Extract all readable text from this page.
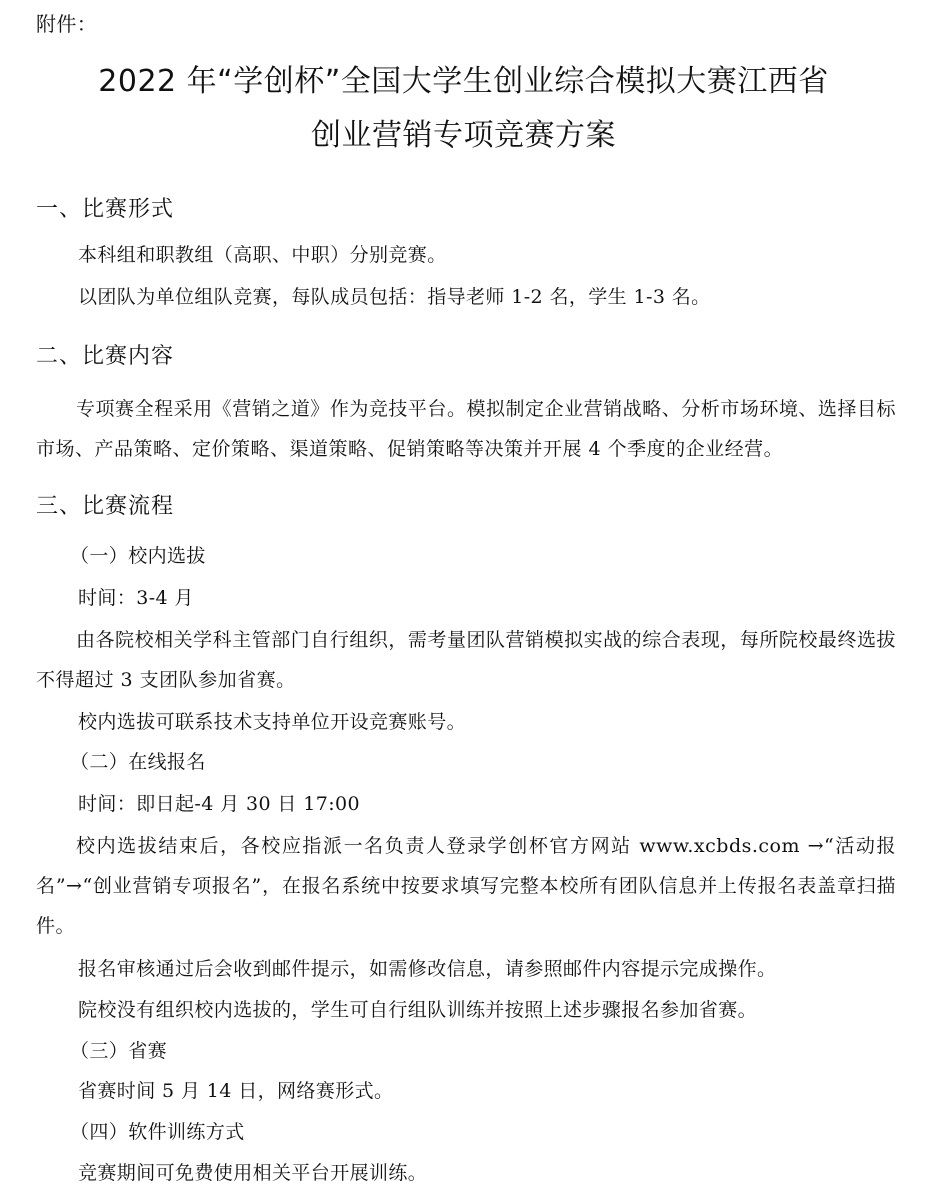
附件：
2022 年“学创杯”全国大学生创业综合模拟大赛江西省
创业营销专项竞赛方案
一、比赛形式
本科组和职教组（高职、中职）分别竞赛。
以团队为单位组队竞赛，每队成员包括：指导老师 1-2 名，学生 1-3 名。
二、比赛内容
专项赛全程采用《营销之道》作为竞技平台。模拟制定企业营销战略、分析市场环境、选择目标市场、产品策略、定价策略、渠道策略、促销策略等决策并开展 4 个季度的企业经营。
三、比赛流程
（一）校内选拔
时间：3-4 月
由各院校相关学科主管部门自行组织，需考量团队营销模拟实战的综合表现，每所院校最终选拔不得超过 3 支团队参加省赛。
校内选拔可联系技术支持单位开设竞赛账号。
（二）在线报名
时间：即日起-4 月 30 日 17:00
校内选拔结束后，各校应指派一名负责人登录学创杯官方网站 www.xcbds.com →“活动报名”→“创业营销专项报名”，在报名系统中按要求填写完整本校所有团队信息并上传报名表盖章扫描件。
报名审核通过后会收到邮件提示，如需修改信息，请参照邮件内容提示完成操作。
院校没有组织校内选拔的，学生可自行组队训练并按照上述步骤报名参加省赛。
（三）省赛
省赛时间 5 月 14 日，网络赛形式。
（四）软件训练方式
竞赛期间可免费使用相关平台开展训练。
